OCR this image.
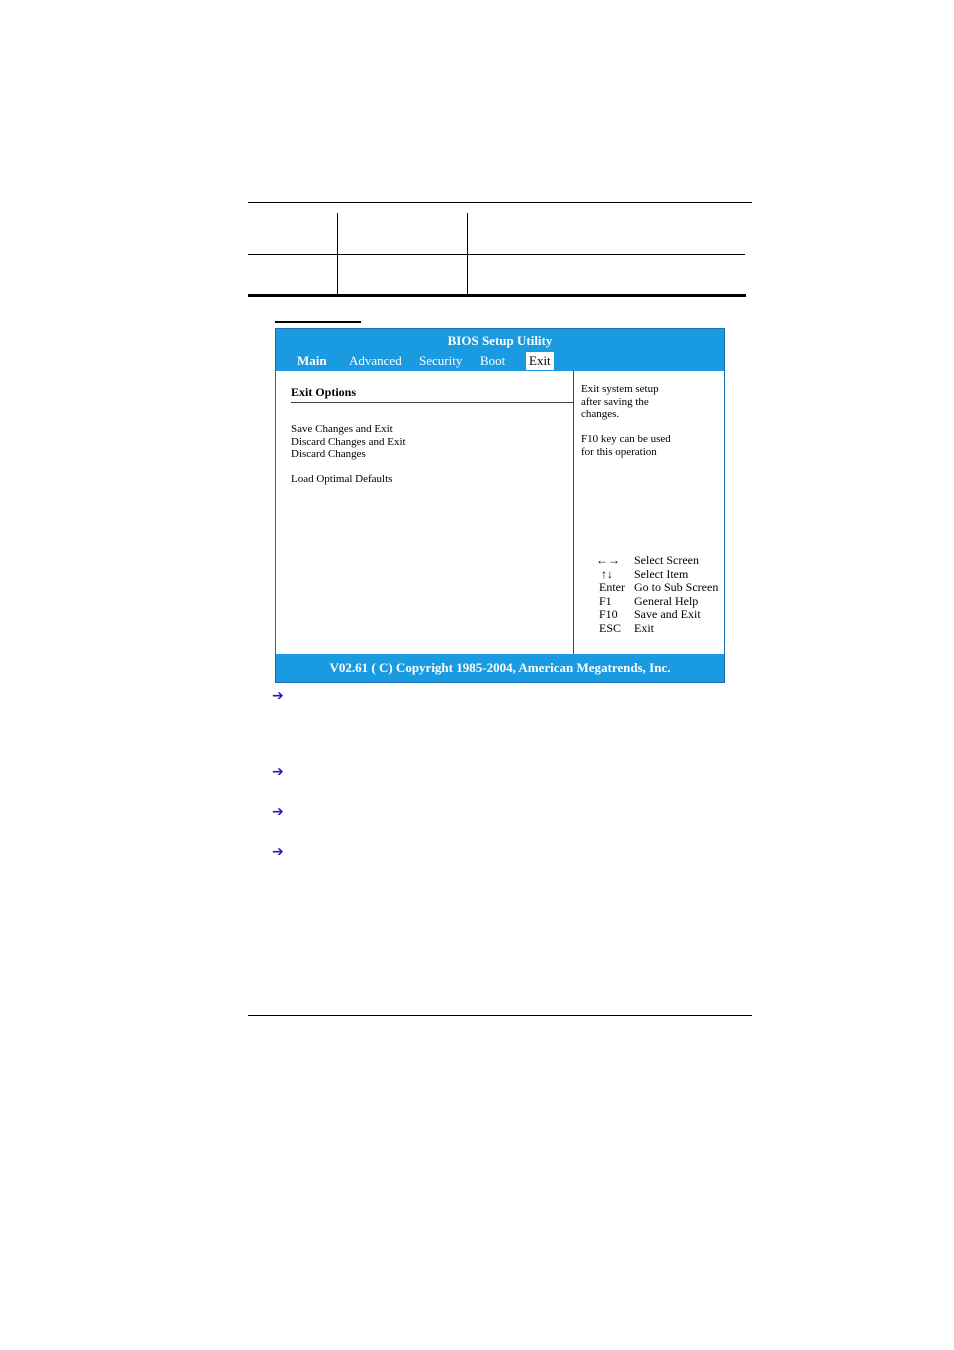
BIOS Setup Utility
Main Advanced Security Boot Exit
Exit Options
Save Changes and Exit
Discard Changes and Exit
Discard Changes
Load Optimal Defaults
Exit system setup
after saving the
changes.
F10 key can be used
for this operation
←→ Select Screen
↑↓ Select Item
Enter Go to Sub Screen
F1 General Help
F10 Save and Exit
ESC Exit
V02.61 ( C) Copyright 1985-2004, American Megatrends, Inc.
➔
➔
➔
➔
